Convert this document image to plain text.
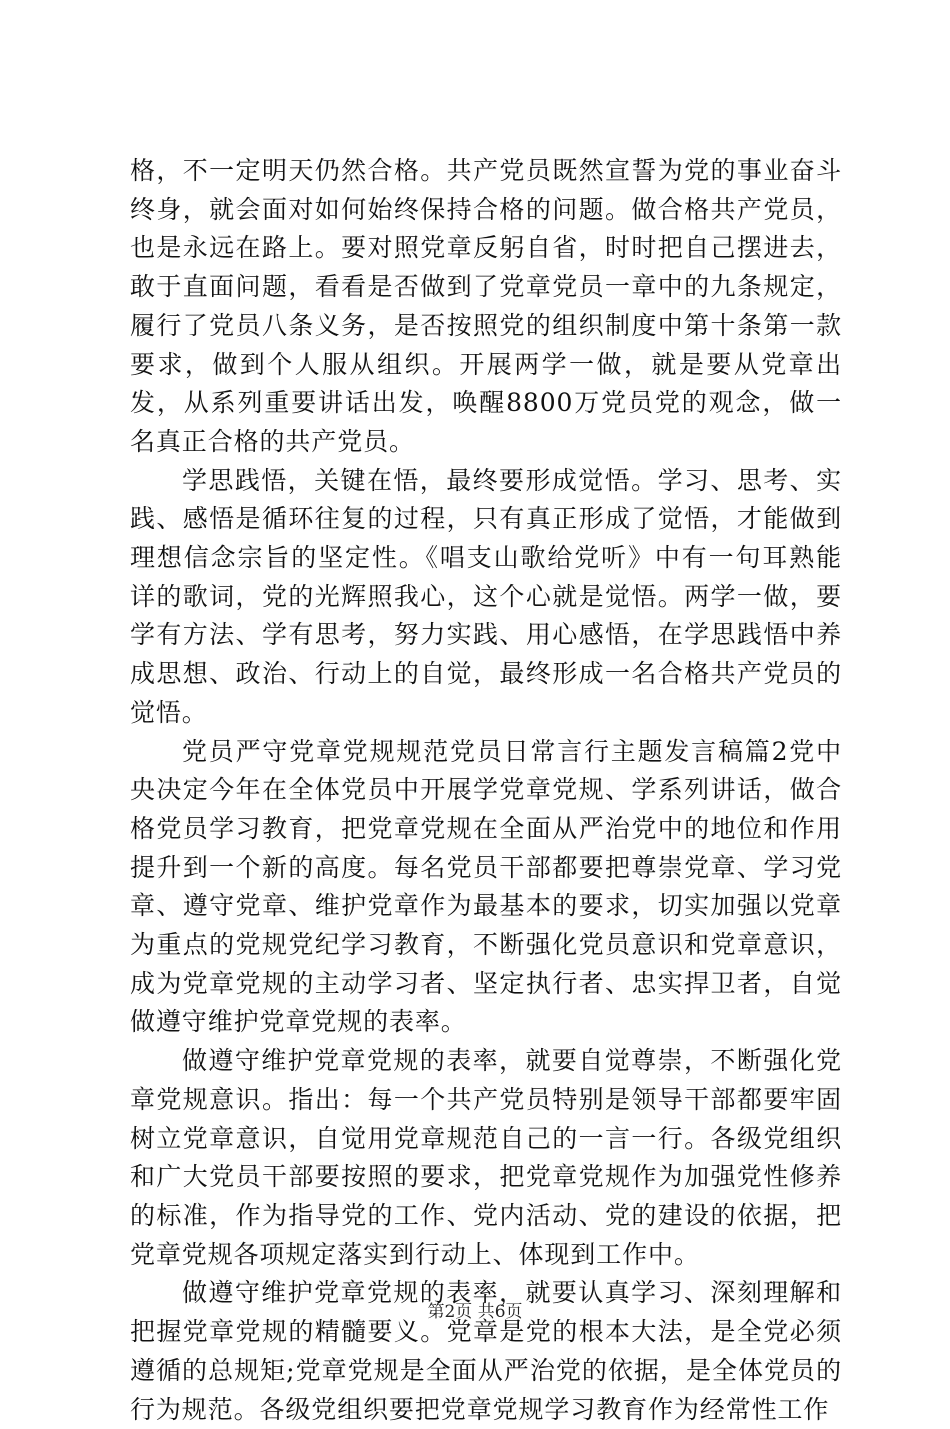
格，不一定明天仍然合格。共产党员既然宣誓为党的事业奋斗终身，就会面对如何始终保持合格的问题。做合格共产党员，也是永远在路上。要对照党章反躬自省，时时把自己摆进去，敢于直面问题，看看是否做到了党章党员一章中的九条规定，履行了党员八条义务，是否按照党的组织制度中第十条第一款要求，做到个人服从组织。开展两学一做，就是要从党章出发，从系列重要讲话出发，唤醒8800万党员党的观念，做一名真正合格的共产党员。

学思践悟，关键在悟，最终要形成觉悟。学习、思考、实践、感悟是循环往复的过程，只有真正形成了觉悟，才能做到理想信念宗旨的坚定性。《唱支山歌给党听》中有一句耳熟能详的歌词，党的光辉照我心，这个心就是觉悟。两学一做，要学有方法、学有思考，努力实践、用心感悟，在学思践悟中养成思想、政治、行动上的自觉，最终形成一名合格共产党员的觉悟。

党员严守党章党规规范党员日常言行主题发言稿篇2党中央决定今年在全体党员中开展学党章党规、学系列讲话，做合格党员学习教育，把党章党规在全面从严治党中的地位和作用提升到一个新的高度。每名党员干部都要把尊崇党章、学习党章、遵守党章、维护党章作为最基本的要求，切实加强以党章为重点的党规党纪学习教育，不断强化党员意识和党章意识，成为党章党规的主动学习者、坚定执行者、忠实捍卫者，自觉做遵守维护党章党规的表率。

做遵守维护党章党规的表率，就要自觉尊崇，不断强化党章党规意识。指出：每一个共产党员特别是领导干部都要牢固树立党章意识，自觉用党章规范自己的一言一行。各级党组织和广大党员干部要按照的要求，把党章党规作为加强党性修养的标准，作为指导党的工作、党内活动、党的建设的依据，把党章党规各项规定落实到行动上、体现到工作中。

做遵守维护党章党规的表率，就要认真学习、深刻理解和把握党章党规的精髓要义。党章是党的根本大法，是全党必须遵循的总规矩;党章党规是全面从严治党的依据，是全体党员的行为规范。各级党组织要把党章党规学习教育作为经常性工作

第2页 共6页
